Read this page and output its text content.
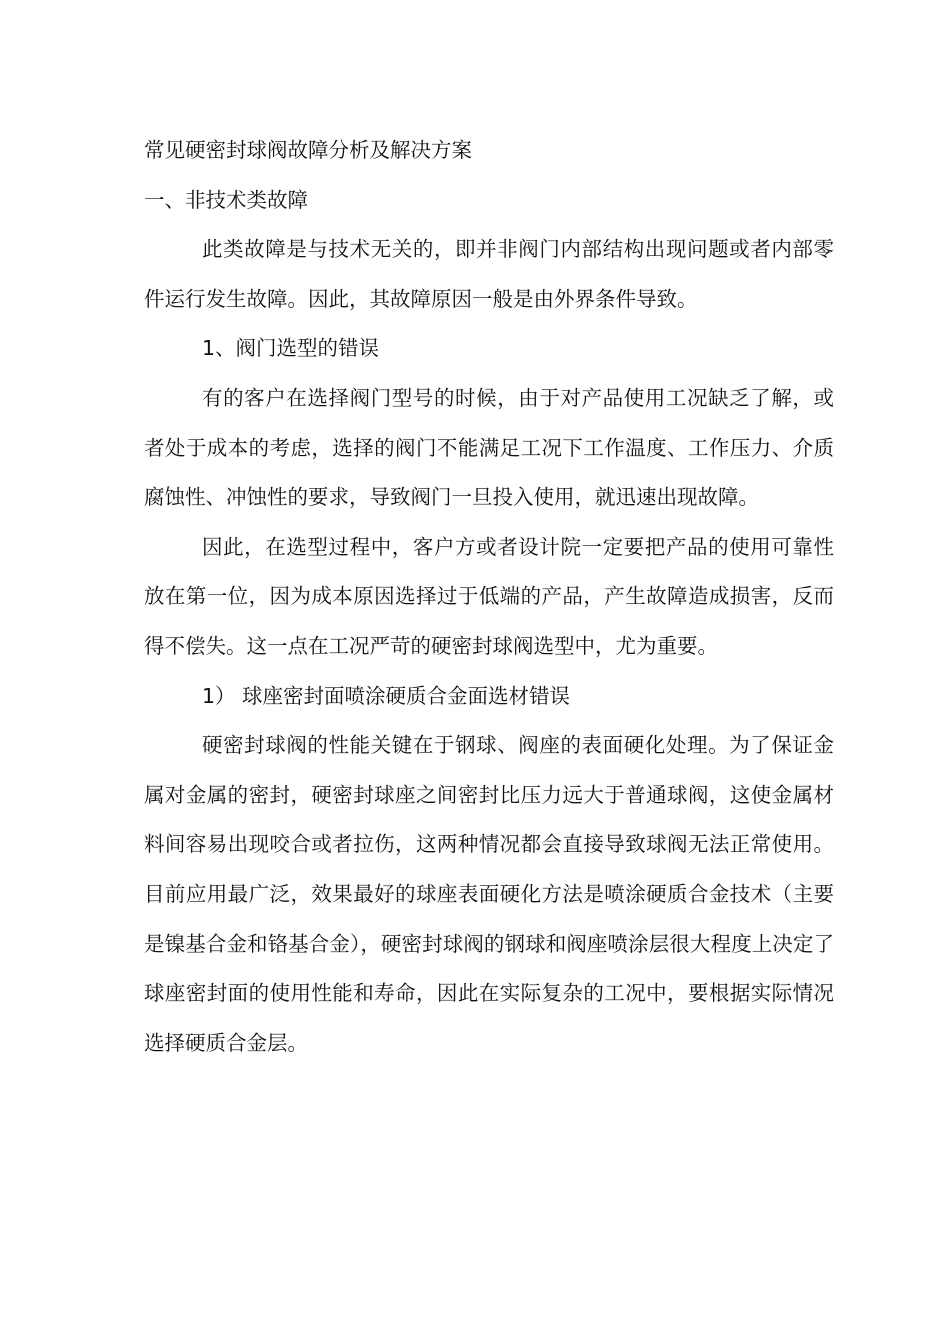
常见硬密封球阀故障分析及解决方案

一、非技术类故障

此类故障是与技术无关的，即并非阀门内部结构出现问题或者内部零件运行发生故障。因此，其故障原因一般是由外界条件导致。

1、阀门选型的错误

有的客户在选择阀门型号的时候，由于对产品使用工况缺乏了解，或者处于成本的考虑，选择的阀门不能满足工况下工作温度、工作压力、介质腐蚀性、冲蚀性的要求，导致阀门一旦投入使用，就迅速出现故障。

因此，在选型过程中，客户方或者设计院一定要把产品的使用可靠性放在第一位，因为成本原因选择过于低端的产品，产生故障造成损害，反而得不偿失。这一点在工况严苛的硬密封球阀选型中，尤为重要。

1） 球座密封面喷涂硬质合金面选材错误

硬密封球阀的性能关键在于钢球、阀座的表面硬化处理。为了保证金属对金属的密封，硬密封球座之间密封比压力远大于普通球阀，这使金属材料间容易出现咬合或者拉伤，这两种情况都会直接导致球阀无法正常使用。目前应用最广泛，效果最好的球座表面硬化方法是喷涂硬质合金技术（主要是镍基合金和铬基合金），硬密封球阀的钢球和阀座喷涂层很大程度上决定了球座密封面的使用性能和寿命，因此在实际复杂的工况中，要根据实际情况选择硬质合金层。
